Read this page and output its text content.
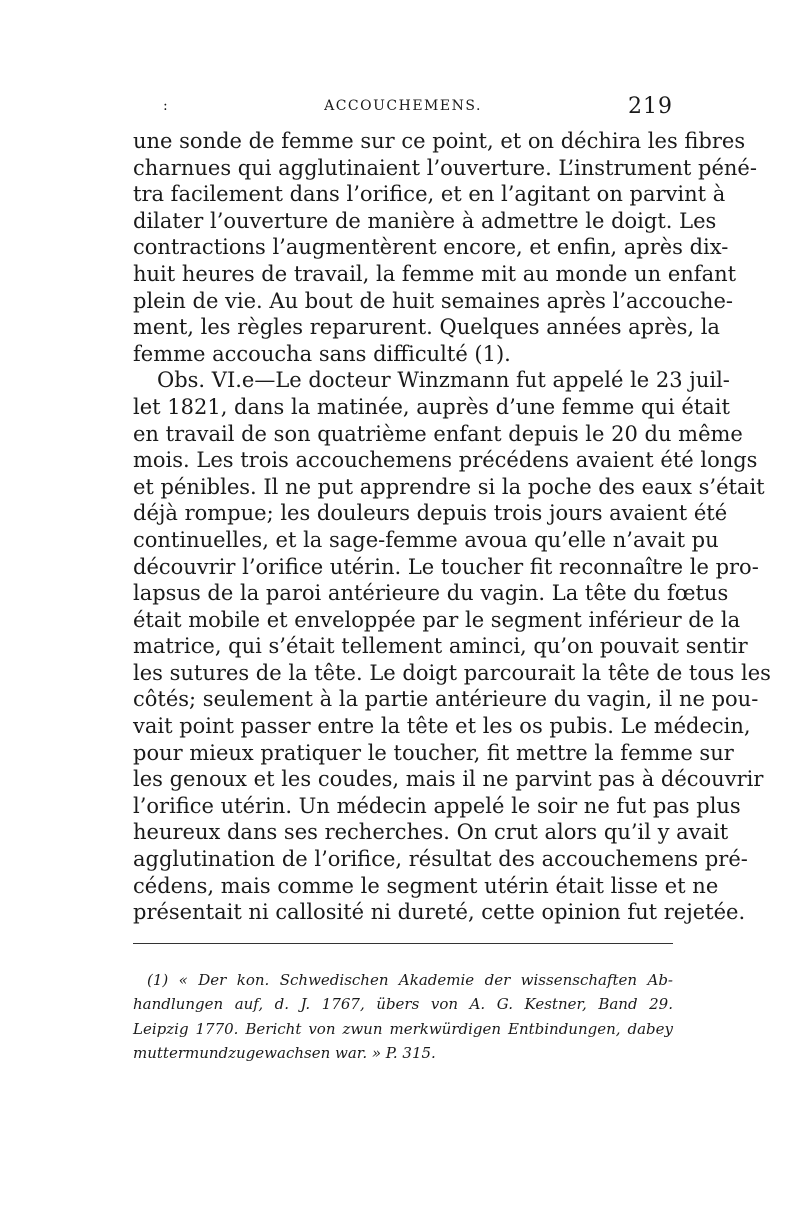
:	ACCOUCHEMENS.	219
une sonde de femme sur ce point, et on déchira les fibres
charnues qui agglutinaient l’ouverture. L’instrument péné-
tra facilement dans l’orifice, et en l’agitant on parvint à
dilater l’ouverture de manière à admettre le doigt. Les
contractions l’augmentèrent encore, et enfin, après dix-
huit heures de travail, la femme mit au monde un enfant
plein de vie. Au bout de huit semaines après l’accouche-
ment, les règles reparurent. Quelques années après, la
femme accoucha sans difficulté (1).
Obs. VI.e—Le docteur Winzmann fut appelé le 23 juil-
let 1821, dans la matinée, auprès d’une femme qui était
en travail de son quatrième enfant depuis le 20 du même
mois. Les trois accouchemens précédens avaient été longs
et pénibles. Il ne put apprendre si la poche des eaux s’était
déjà rompue; les douleurs depuis trois jours avaient été
continuelles, et la sage-femme avoua qu’elle n’avait pu
découvrir l’orifice utérin. Le toucher fit reconnaître le pro-
lapsus de la paroi antérieure du vagin. La tête du fœtus
était mobile et enveloppée par le segment inférieur de la
matrice, qui s’était tellement aminci, qu’on pouvait sentir
les sutures de la tête. Le doigt parcourait la tête de tous les
côtés; seulement à la partie antérieure du vagin, il ne pou-
vait point passer entre la tête et les os pubis. Le médecin,
pour mieux pratiquer le toucher, fit mettre la femme sur
les genoux et les coudes, mais il ne parvint pas à découvrir
l’orifice utérin. Un médecin appelé le soir ne fut pas plus
heureux dans ses recherches. On crut alors qu’il y avait
agglutination de l’orifice, résultat des accouchemens pré-
cédens, mais comme le segment utérin était lisse et ne
présentait ni callosité ni dureté, cette opinion fut rejetée.
(1) « Der kon. Schwedischen Akademie der wissenschaften Ab-
handlungen auf, d. J. 1767, übers von A. G. Kestner, Band 29.
Leipzig 1770. Bericht von zwun merkwürdigen Entbindungen, dabey
muttermundzugewachsen war. » P. 315.
